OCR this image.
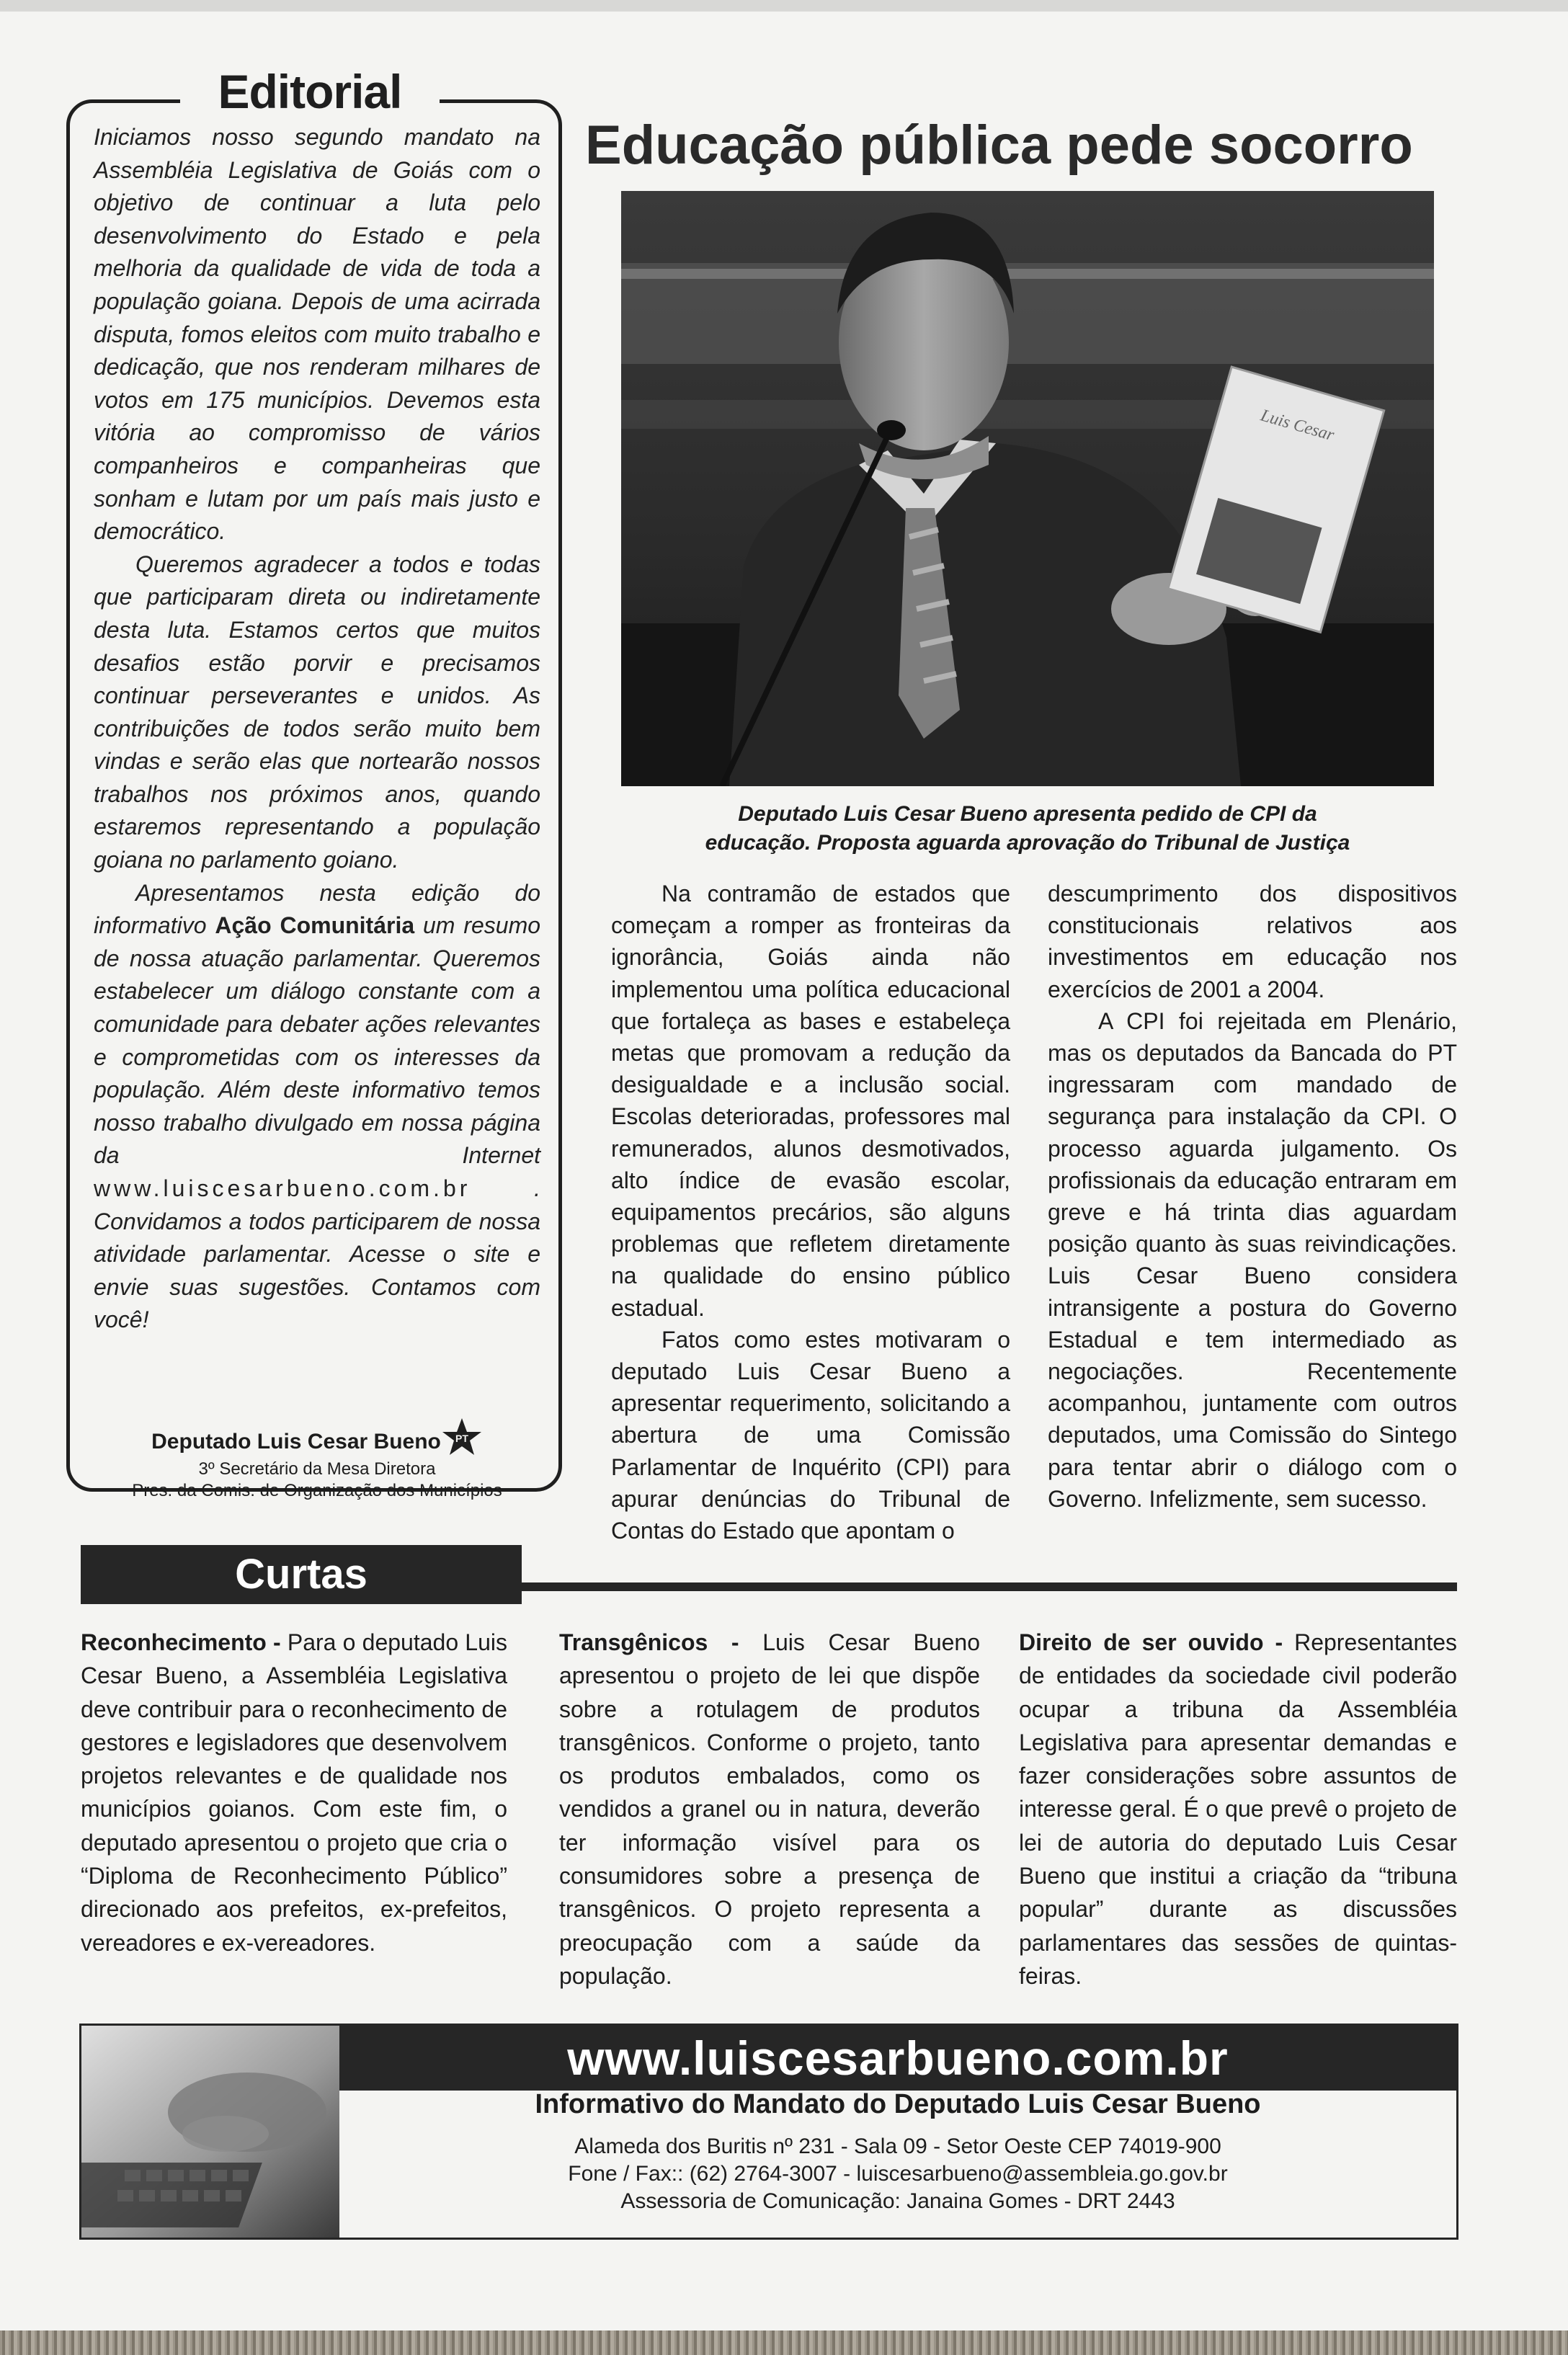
Editorial

Iniciamos nosso segundo mandato na Assembléia Legislativa de Goiás com o objetivo de continuar a luta pelo desenvolvimento do Estado e pela melhoria da qualidade de vida de toda a população goiana. Depois de uma acirrada disputa, fomos eleitos com muito trabalho e dedicação, que nos renderam milhares de votos em 175 municípios. Devemos esta vitória ao compromisso de vários companheiros e companheiras que sonham e lutam por um país mais justo e democrático.

Queremos agradecer a todos e todas que participaram direta ou indiretamente desta luta. Estamos certos que muitos desafios estão porvir e precisamos continuar perseverantes e unidos. As contribuições de todos serão muito bem vindas e serão elas que nortearão nossos trabalhos nos próximos anos, quando estaremos representando a população goiana no parlamento goiano.

Apresentamos nesta edição do informativo Ação Comunitária um resumo de nossa atuação parlamentar. Queremos estabelecer um diálogo constante com a comunidade para debater ações relevantes e comprometidas com os interesses da população. Além deste informativo temos nosso trabalho divulgado em nossa página da Internet www.luiscesarbueno.com.br . Convidamos a todos participarem de nossa atividade parlamentar. Acesse o site e envie suas sugestões. Contamos com você!

Deputado Luis Cesar Bueno PT
3º Secretário da Mesa Diretora
Pres. da Comis. de Organização dos Municípios
Educação pública pede socorro
Luis Cesar
Deputado Luis Cesar Bueno apresenta pedido de CPI da
educação. Proposta aguarda aprovação do Tribunal de Justiça

Na contramão de estados que começam a romper as fronteiras da ignorância, Goiás ainda não implementou uma política educacional que fortaleça as bases e estabeleça metas que promovam a redução da desigualdade e a inclusão social. Escolas deterioradas, professores mal remunerados, alunos desmotivados, alto índice de evasão escolar, equipamentos precários, são alguns problemas que refletem diretamente na qualidade do ensino público estadual.

Fatos como estes motivaram o deputado Luis Cesar Bueno a apresentar requerimento, solicitando a abertura de uma Comissão Parlamentar de Inquérito (CPI) para apurar denúncias do Tribunal de Contas do Estado que apontam o

descumprimento dos dispositivos constitucionais relativos aos investimentos em educação nos exercícios de 2001 a 2004.

A CPI foi rejeitada em Plenário, mas os deputados da Bancada do PT ingressaram com mandado de segurança para instalação da CPI. O processo aguarda julgamento. Os profissionais da educação entraram em greve e há trinta dias aguardam posição quanto às suas reivindicações. Luis Cesar Bueno considera intransigente a postura do Governo Estadual e tem intermediado as negociações. Recentemente acompanhou, juntamente com outros deputados, uma Comissão do Sintego para tentar abrir o diálogo com o Governo. Infelizmente, sem sucesso.

Curtas
Reconhecimento - Para o deputado Luis Cesar Bueno, a Assembléia Legislativa deve contribuir para o reconhecimento de gestores e legisladores que desenvolvem projetos relevantes e de qualidade nos municípios goianos. Com este fim, o deputado apresentou o projeto que cria o “Diploma de Reconhecimento Público” direcionado aos prefeitos, ex-prefeitos, vereadores e ex-vereadores.
Transgênicos - Luis Cesar Bueno apresentou o projeto de lei que dispõe sobre a rotulagem de produtos transgênicos. Conforme o projeto, tanto os produtos embalados, como os vendidos a granel ou in natura, deverão ter informação visível para os consumidores sobre a presença de transgênicos. O projeto representa a preocupação com a saúde da população.
Direito de ser ouvido - Representantes de entidades da sociedade civil poderão ocupar a tribuna da Assembléia Legislativa para apresentar demandas e fazer considerações sobre assuntos de interesse geral. É o que prevê o projeto de lei de autoria do deputado Luis Cesar Bueno que institui a criação da “tribuna popular” durante as discussões parlamentares das sessões de quintas-feiras.
www.luiscesarbueno.com.br
Informativo do Mandato do Deputado Luis Cesar Bueno
Alameda dos Buritis nº 231 - Sala 09 - Setor Oeste CEP 74019-900
Fone / Fax:: (62) 2764-3007 - luiscesarbueno@assembleia.go.gov.br
Assessoria de Comunicação: Janaina Gomes - DRT 2443
